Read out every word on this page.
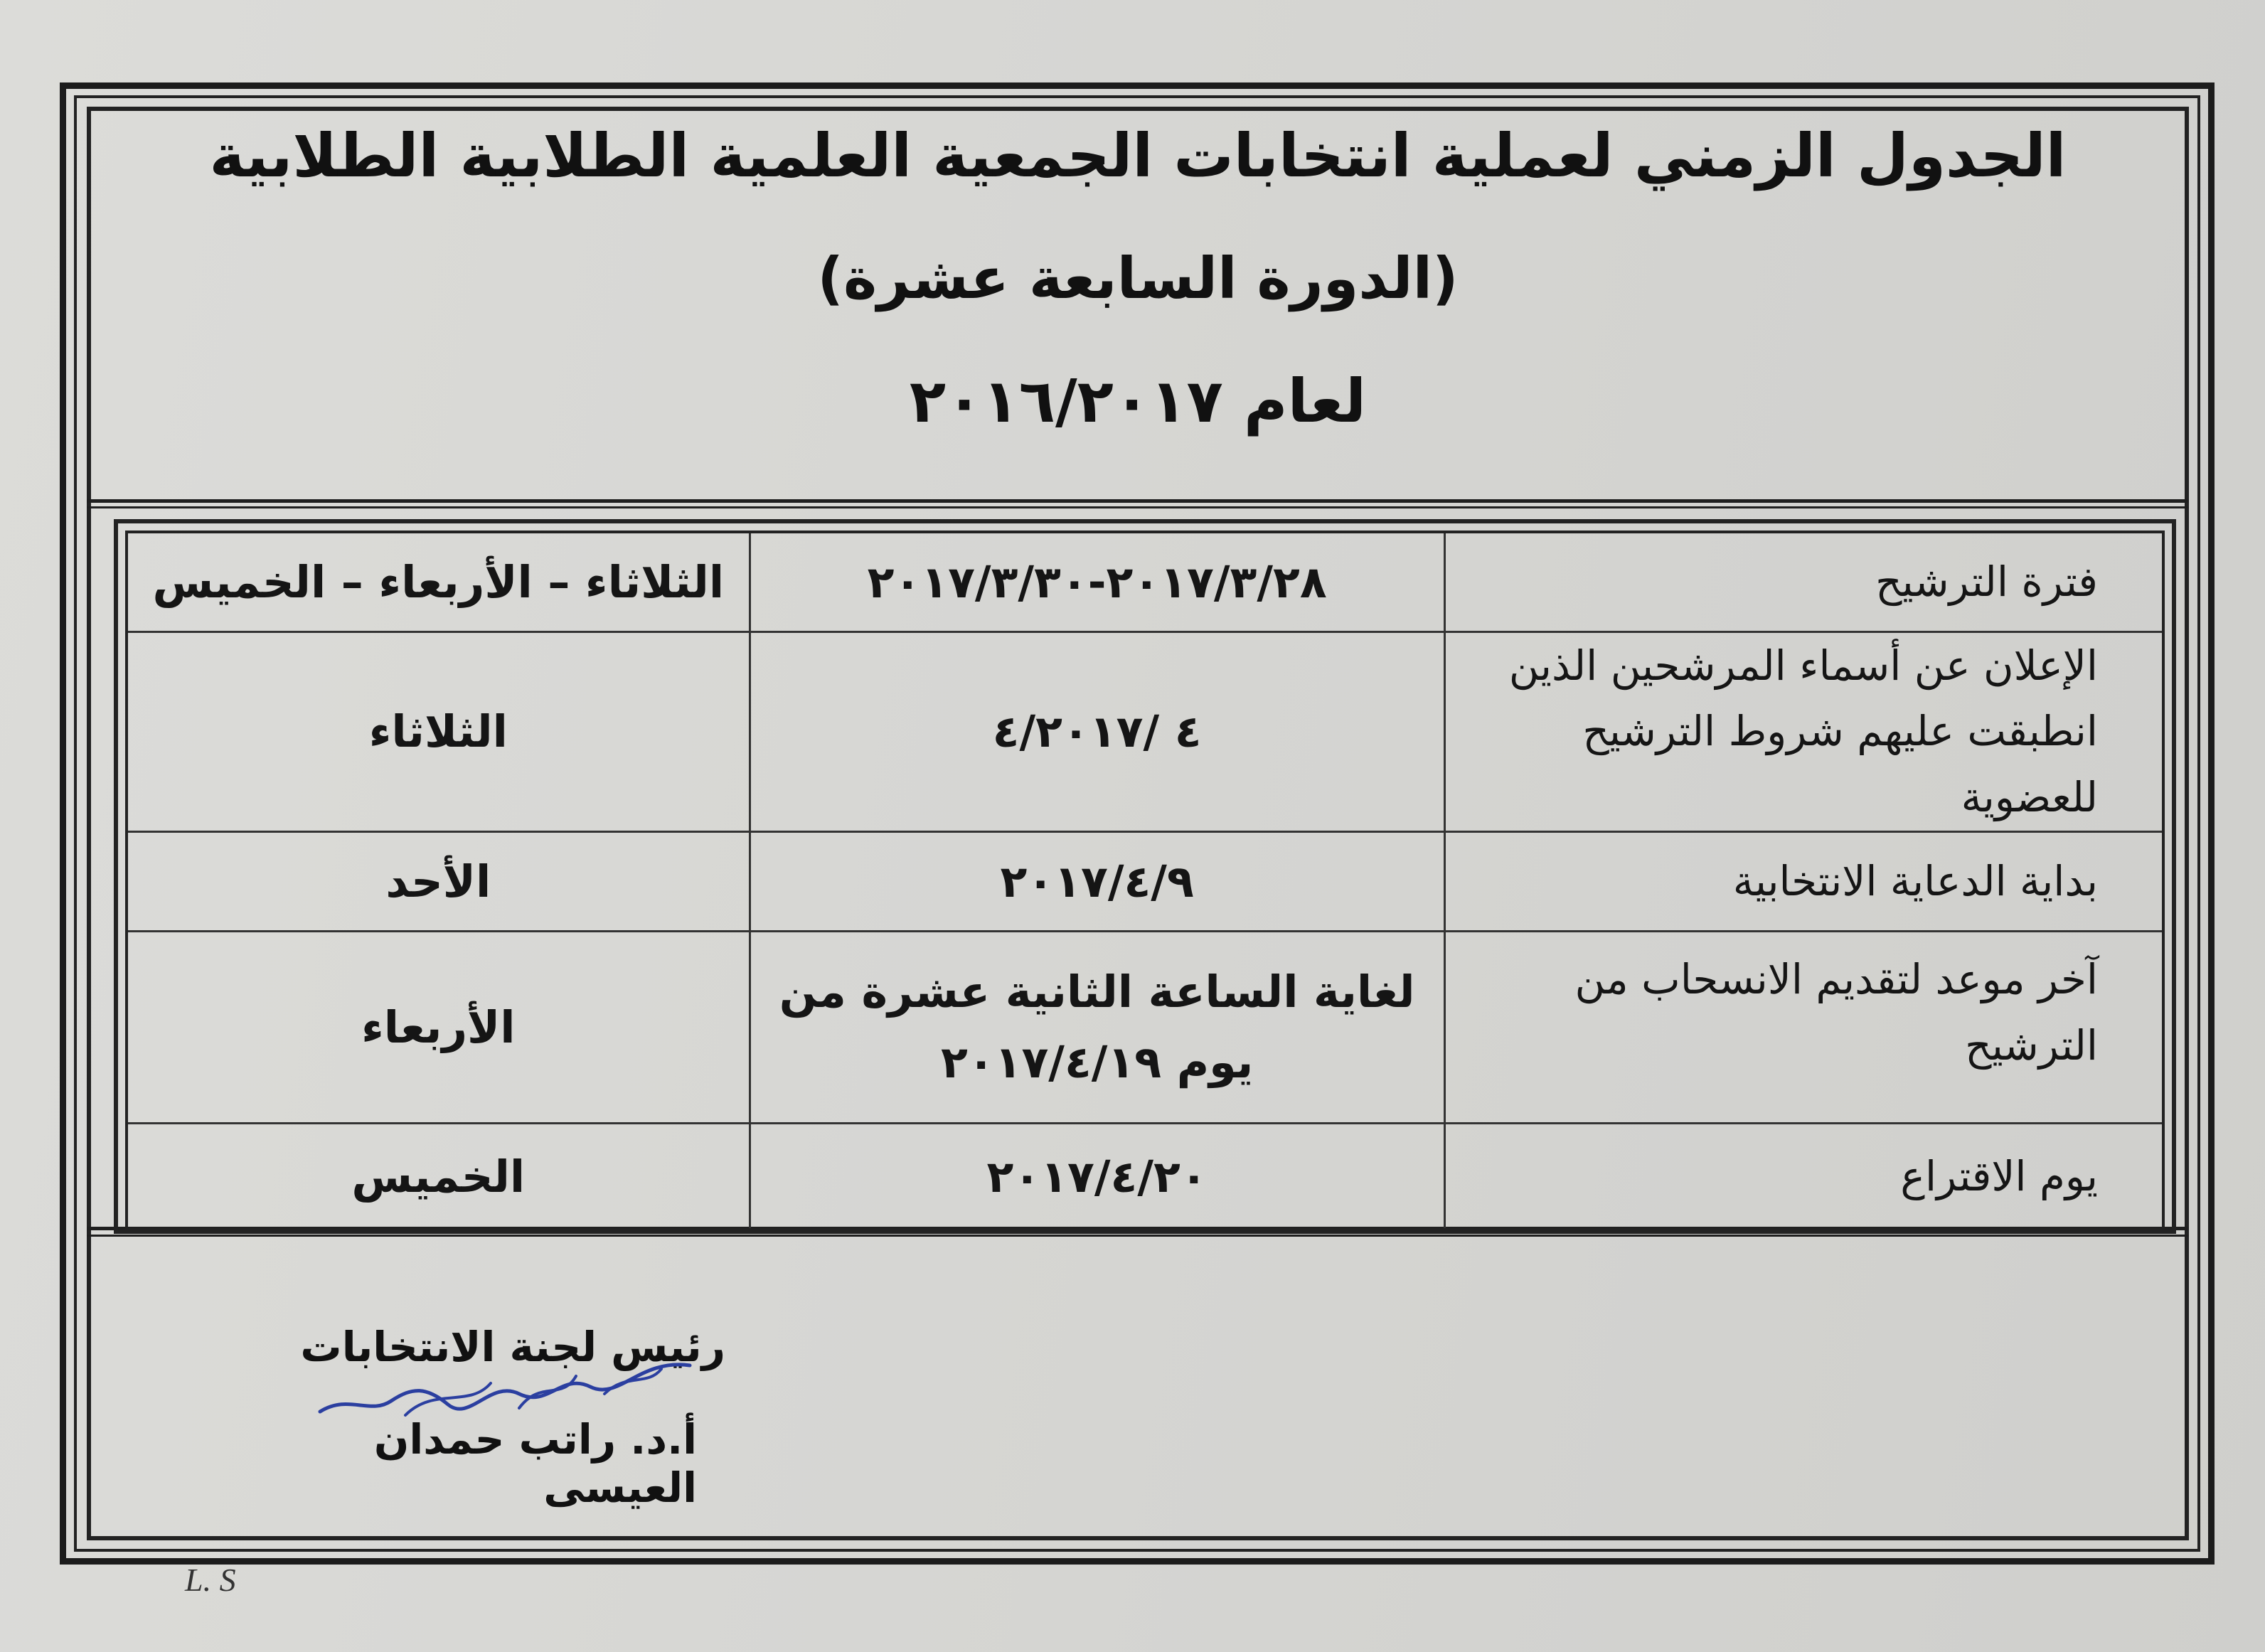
الجدول الزمني لعملية انتخابات الجمعية العلمية الطلابية الطلابية
(الدورة السابعة عشرة)
لعام ٢٠١٦/٢٠١٧
فترة الترشيح	٢٠١٧/٣/٢٨-٢٠١٧/٣/٣٠	الثلاثاء – الأربعاء – الخميس
الإعلان عن أسماء المرشحين الذين انطبقت عليهم شروط الترشيح للعضوية	٤ /٤/٢٠١٧	الثلاثاء
بداية الدعاية الانتخابية	٢٠١٧/٤/٩	الأحد
آخر موعد لتقديم الانسحاب من الترشيح	لغاية الساعة الثانية عشرة من يوم ٢٠١٧/٤/١٩	الأربعاء
يوم الاقتراع	٢٠١٧/٤/٢٠	الخميس
رئيس لجنة الانتخابات
أ.د. راتب حمدان العيسى
L. S
